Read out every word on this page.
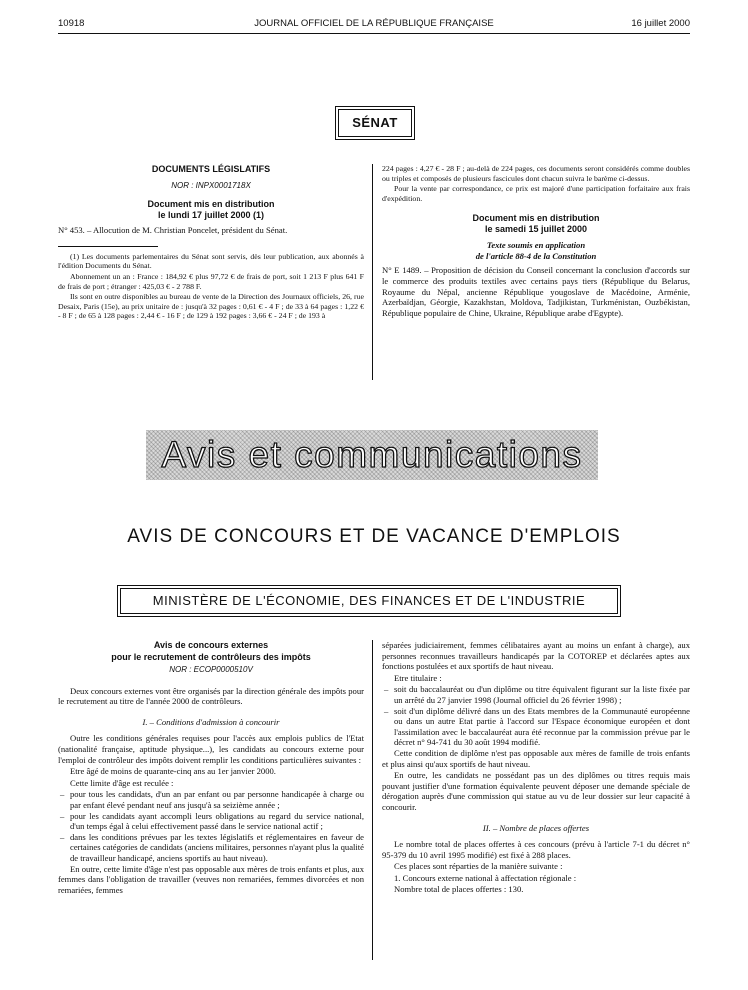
10918	JOURNAL OFFICIEL DE LA RÉPUBLIQUE FRANÇAISE	16 juillet 2000
SÉNAT

DOCUMENTS LÉGISLATIFS

NOR : INPX0001718X

Document mis en distribution

le lundi 17 juillet 2000 (1)

N° 453. – Allocution de M. Christian Poncelet, président du Sénat.

(1) Les documents parlementaires du Sénat sont servis, dès leur publication, aux abonnés à l'édition Documents du Sénat.

Abonnement un an : France : 184,92 € plus 97,72 € de frais de port, soit 1 213 F plus 641 F de frais de port ; étranger : 425,03 € - 2 788 F.

Ils sont en outre disponibles au bureau de vente de la Direction des Journaux officiels, 26, rue Desaix, Paris (15e), au prix unitaire de : jusqu'à 32 pages : 0,61 € - 4 F ; de 33 à 64 pages : 1,22 € - 8 F ; de 65 à 128 pages : 2,44 € - 16 F ; de 129 à 192 pages : 3,66 € - 24 F ; de 193 à

224 pages : 4,27 € - 28 F ; au-delà de 224 pages, ces documents seront considérés comme doubles ou triples et composés de plusieurs fascicules dont chacun suivra le barème ci-dessus.

Pour la vente par correspondance, ce prix est majoré d'une participation forfaitaire aux frais d'expédition.

Document mis en distribution

le samedi 15 juillet 2000

Texte soumis en application

de l'article 88-4 de la Constitution

N° E 1489. – Proposition de décision du Conseil concernant la conclusion d'accords sur le commerce des produits textiles avec certains pays tiers (République du Belarus, Royaume du Népal, ancienne République yougoslave de Macédoine, Arménie, Azerbaïdjan, Géorgie, Kazakhstan, Moldova, Tadjikistan, Turkménistan, Ouzbékistan, République populaire de Chine, Ukraine, République arabe d'Egypte).

Avis et communications
AVIS DE CONCOURS ET DE VACANCE D'EMPLOIS
MINISTÈRE DE L'ÉCONOMIE, DES FINANCES ET DE L'INDUSTRIE

Avis de concours externes

pour le recrutement de contrôleurs des impôts

NOR : ECOP0000510V

Deux concours externes vont être organisés par la direction générale des impôts pour le recrutement au titre de l'année 2000 de contrôleurs.

I. – Conditions d'admission à concourir

Outre les conditions générales requises pour l'accès aux emplois publics de l'Etat (nationalité française, aptitude physique...), les candidats au concours externe pour l'emploi de contrôleur des impôts doivent remplir les conditions particulières suivantes :

Etre âgé de moins de quarante-cinq ans au 1er janvier 2000.

Cette limite d'âge est reculée :

– pour tous les candidats, d'un an par enfant ou par personne handicapée à charge ou par enfant élevé pendant neuf ans jusqu'à sa seizième année ;
– pour les candidats ayant accompli leurs obligations au regard du service national, d'un temps égal à celui effectivement passé dans le service national actif ;
– dans les conditions prévues par les textes législatifs et réglementaires en faveur de certaines catégories de candidats (anciens militaires, personnes n'ayant plus la qualité de travailleur handicapé, anciens sportifs au haut niveau).

En outre, cette limite d'âge n'est pas opposable aux mères de trois enfants et plus, aux femmes dans l'obligation de travailler (veuves non remariées, femmes divorcées et non remariées, femmes

séparées judiciairement, femmes célibataires ayant au moins un enfant à charge), aux personnes reconnues travailleurs handicapés par la COTOREP et déclarées aptes aux fonctions postulées et aux sportifs de haut niveau.

Etre titulaire :

– soit du baccalauréat ou d'un diplôme ou titre équivalent figurant sur la liste fixée par un arrêté du 27 janvier 1998 (Journal officiel du 26 février 1998) ;
– soit d'un diplôme délivré dans un des Etats membres de la Communauté européenne ou dans un autre Etat partie à l'accord sur l'Espace économique européen et dont l'assimilation avec le baccalauréat aura été reconnue par la commission prévue par le décret n° 94-741 du 30 août 1994 modifié.

Cette condition de diplôme n'est pas opposable aux mères de famille de trois enfants et plus ainsi qu'aux sportifs de haut niveau.

En outre, les candidats ne possédant pas un des diplômes ou titres requis mais pouvant justifier d'une formation équivalente peuvent déposer une demande spéciale de dérogation auprès d'une commission qui statue au vu de leur dossier sur leur capacité à concourir.

II. – Nombre de places offertes

Le nombre total de places offertes à ces concours (prévu à l'article 7-1 du décret n° 95-379 du 10 avril 1995 modifié) est fixé à 288 places.

Ces places sont réparties de la manière suivante :

1. Concours externe national à affectation régionale :

Nombre total de places offertes : 130.
